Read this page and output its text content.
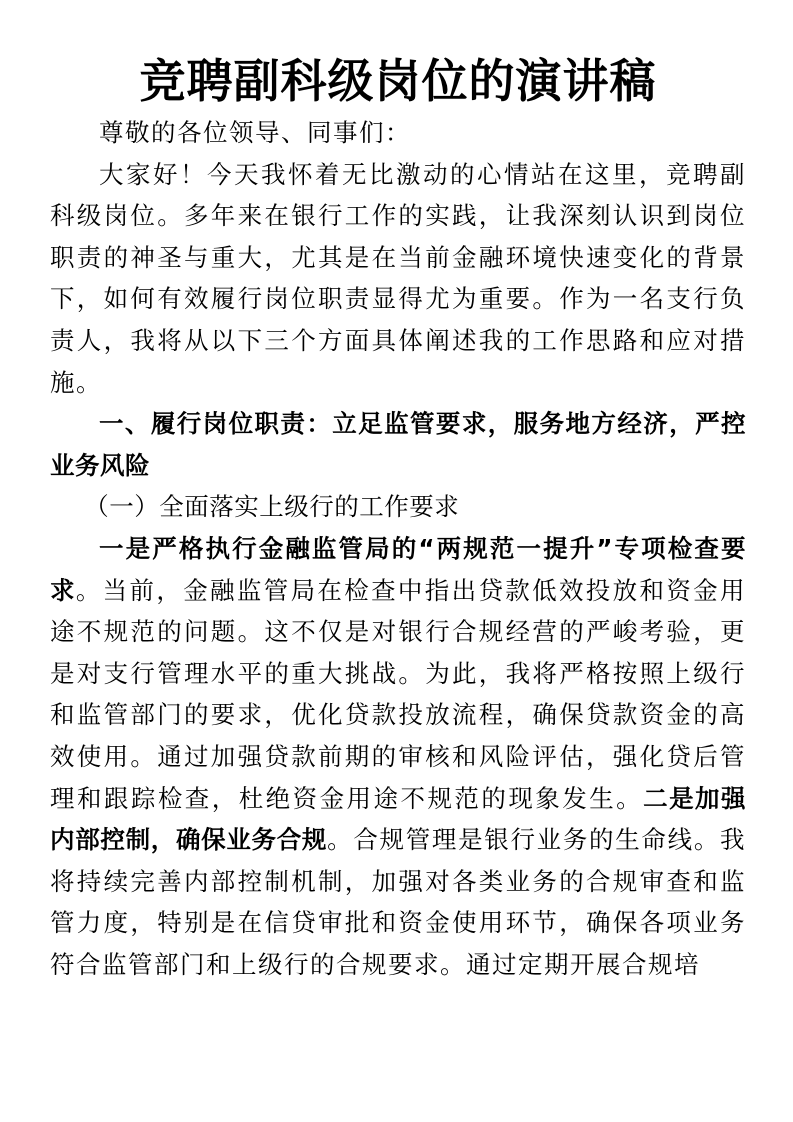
竞聘副科级岗位的演讲稿

尊敬的各位领导、同事们：

大家好！今天我怀着无比激动的心情站在这里，竞聘副科级岗位。多年来在银行工作的实践，让我深刻认识到岗位职责的神圣与重大，尤其是在当前金融环境快速变化的背景下，如何有效履行岗位职责显得尤为重要。作为一名支行负责人，我将从以下三个方面具体阐述我的工作思路和应对措施。

一、履行岗位职责：立足监管要求，服务地方经济，严控业务风险

（一）全面落实上级行的工作要求

一是严格执行金融监管局的“两规范一提升”专项检查要求。当前，金融监管局在检查中指出贷款低效投放和资金用途不规范的问题。这不仅是对银行合规经营的严峻考验，更是对支行管理水平的重大挑战。为此，我将严格按照上级行和监管部门的要求，优化贷款投放流程，确保贷款资金的高效使用。通过加强贷款前期的审核和风险评估，强化贷后管理和跟踪检查，杜绝资金用途不规范的现象发生。二是加强内部控制，确保业务合规。合规管理是银行业务的生命线。我将持续完善内部控制机制，加强对各类业务的合规审查和监管力度，特别是在信贷审批和资金使用环节，确保各项业务符合监管部门和上级行的合规要求。通过定期开展合规培
